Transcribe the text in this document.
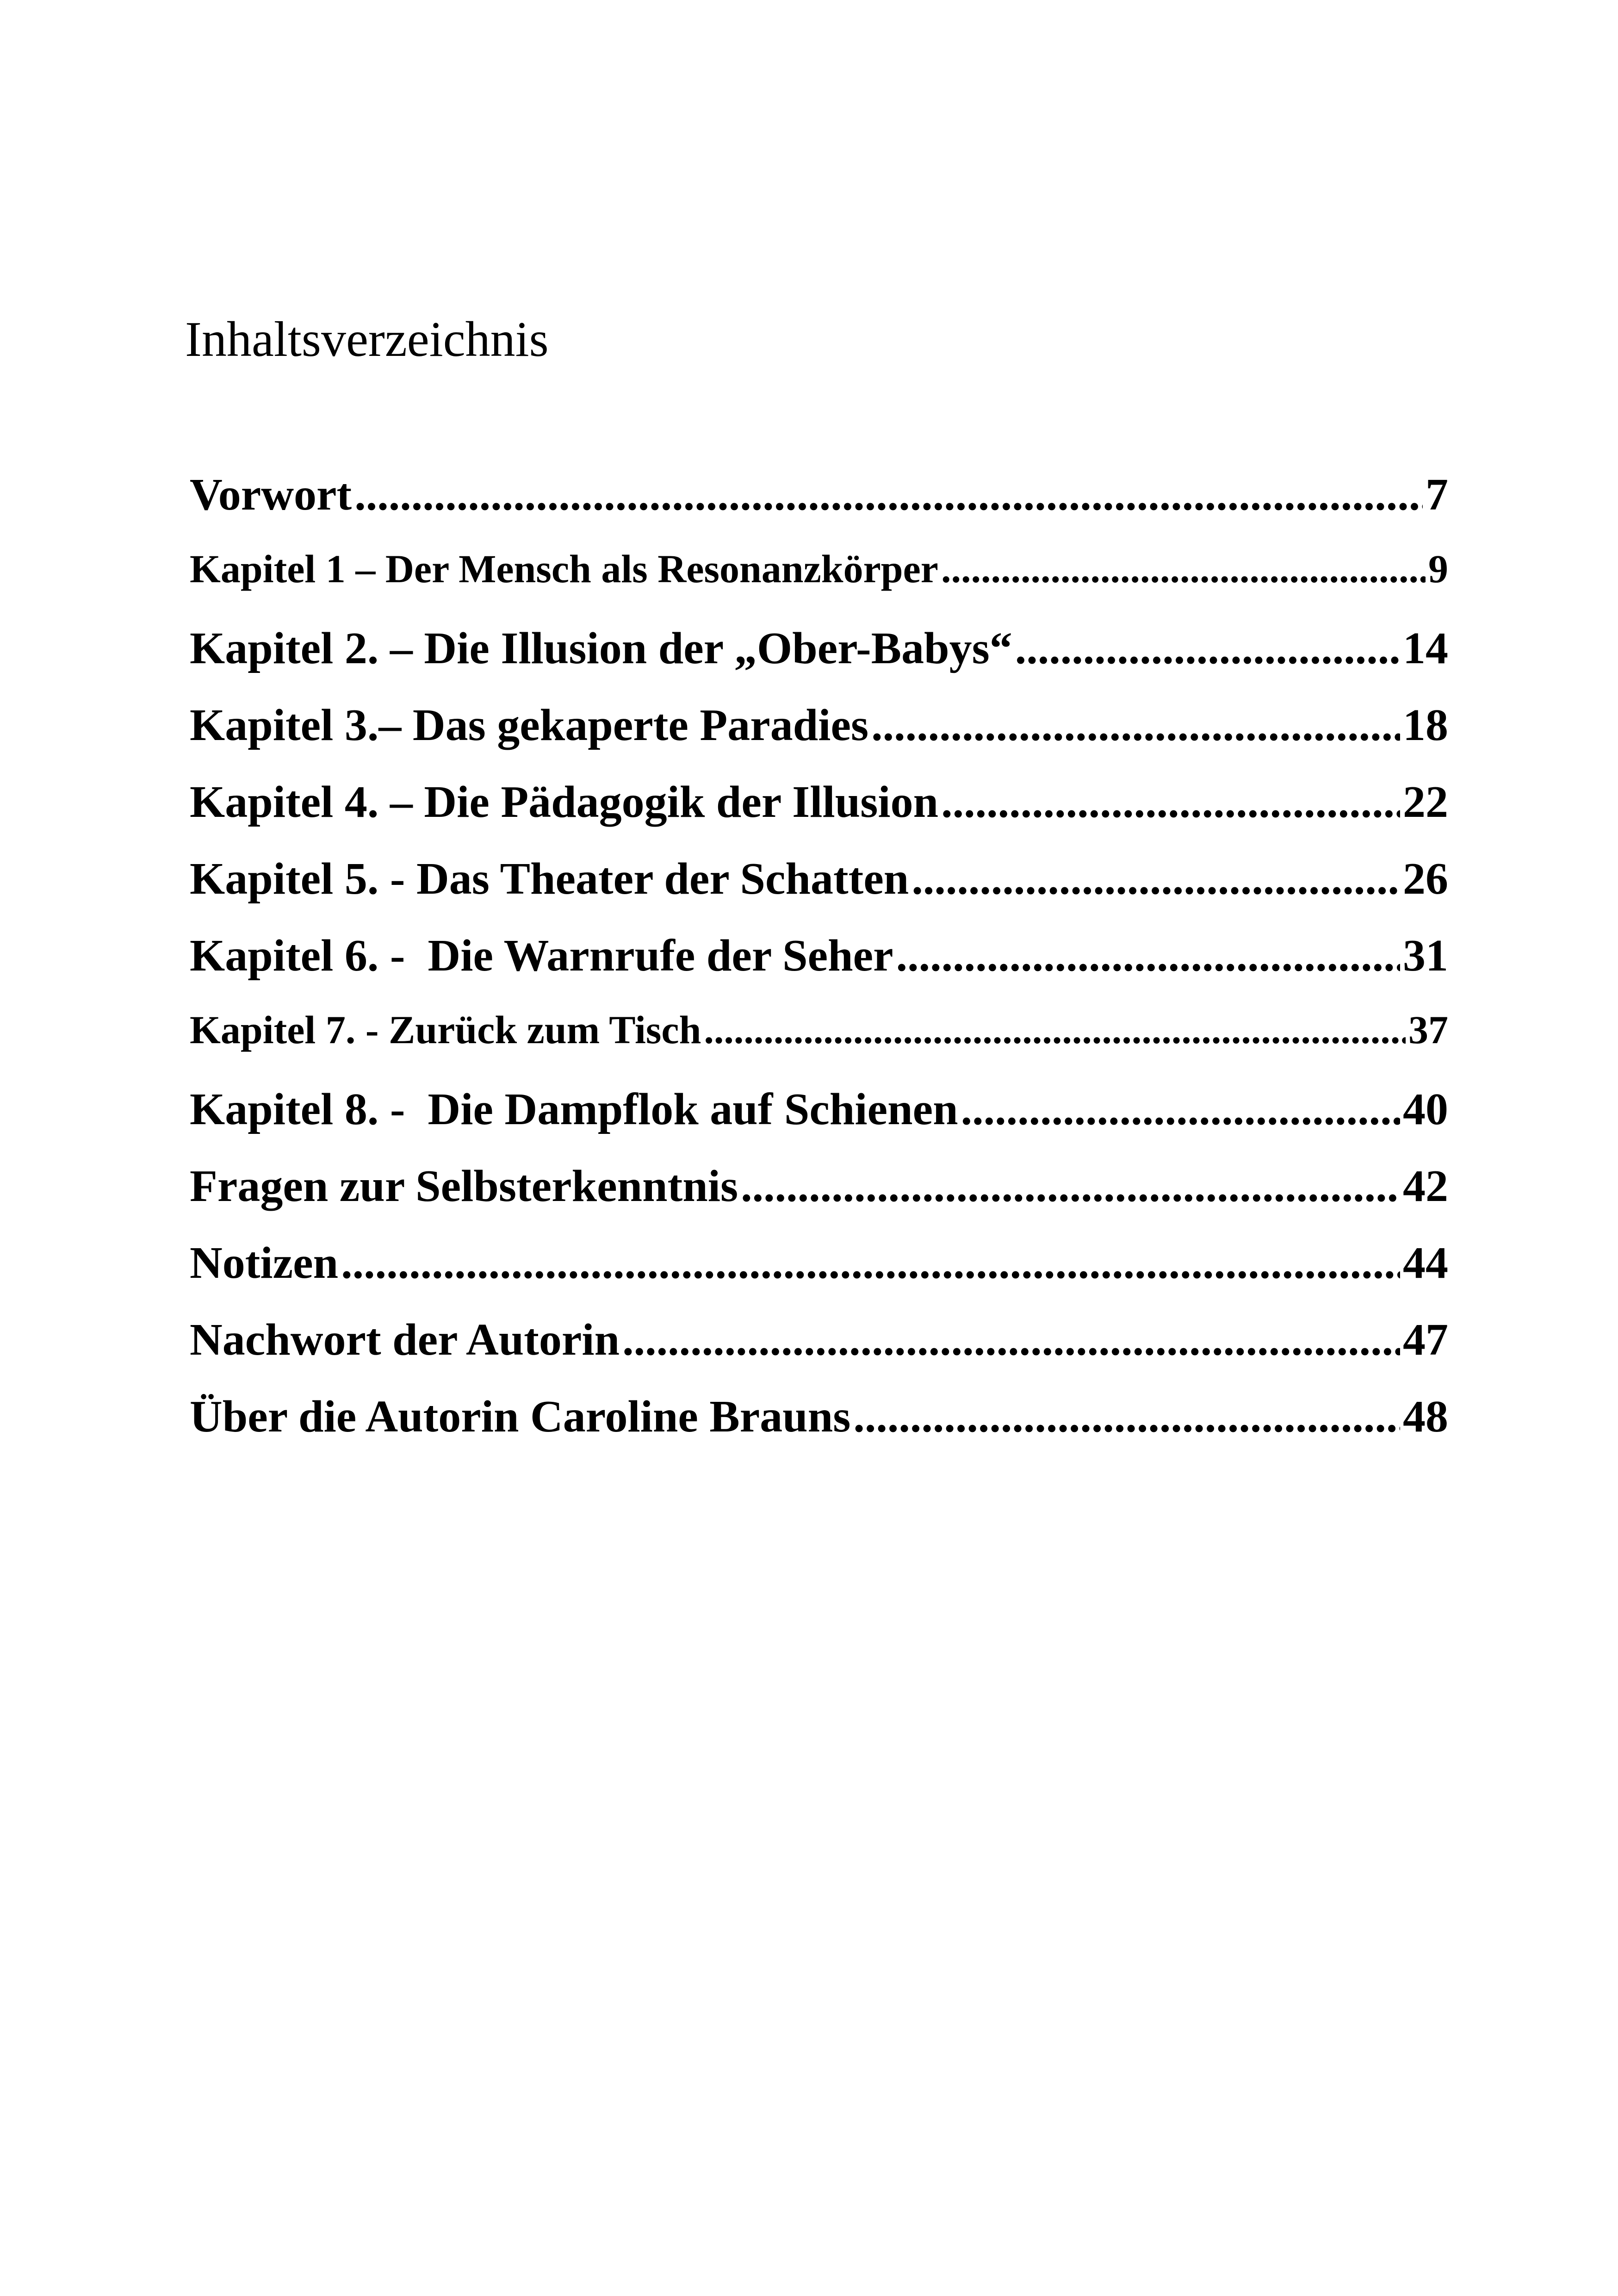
Inhaltsverzeichnis
Vorwort .....	7
Kapitel 1 – Der Mensch als Resonanzkörper .....	9
Kapitel 2. – Die Illusion der „Ober-Babys“ .....	14
Kapitel 3.– Das gekaperte Paradies .....	18
Kapitel 4. – Die Pädagogik der Illusion .....	22
Kapitel 5. - Das Theater der Schatten .....	26
Kapitel 6. -  Die Warnrufe der Seher .....	31
Kapitel 7. - Zurück zum Tisch .....	37
Kapitel 8. -  Die Dampflok auf Schienen .....	40
Fragen zur Selbsterkenntnis .....	42
Notizen .....	44
Nachwort der Autorin .....	47
Über die Autorin Caroline Brauns .....	48
